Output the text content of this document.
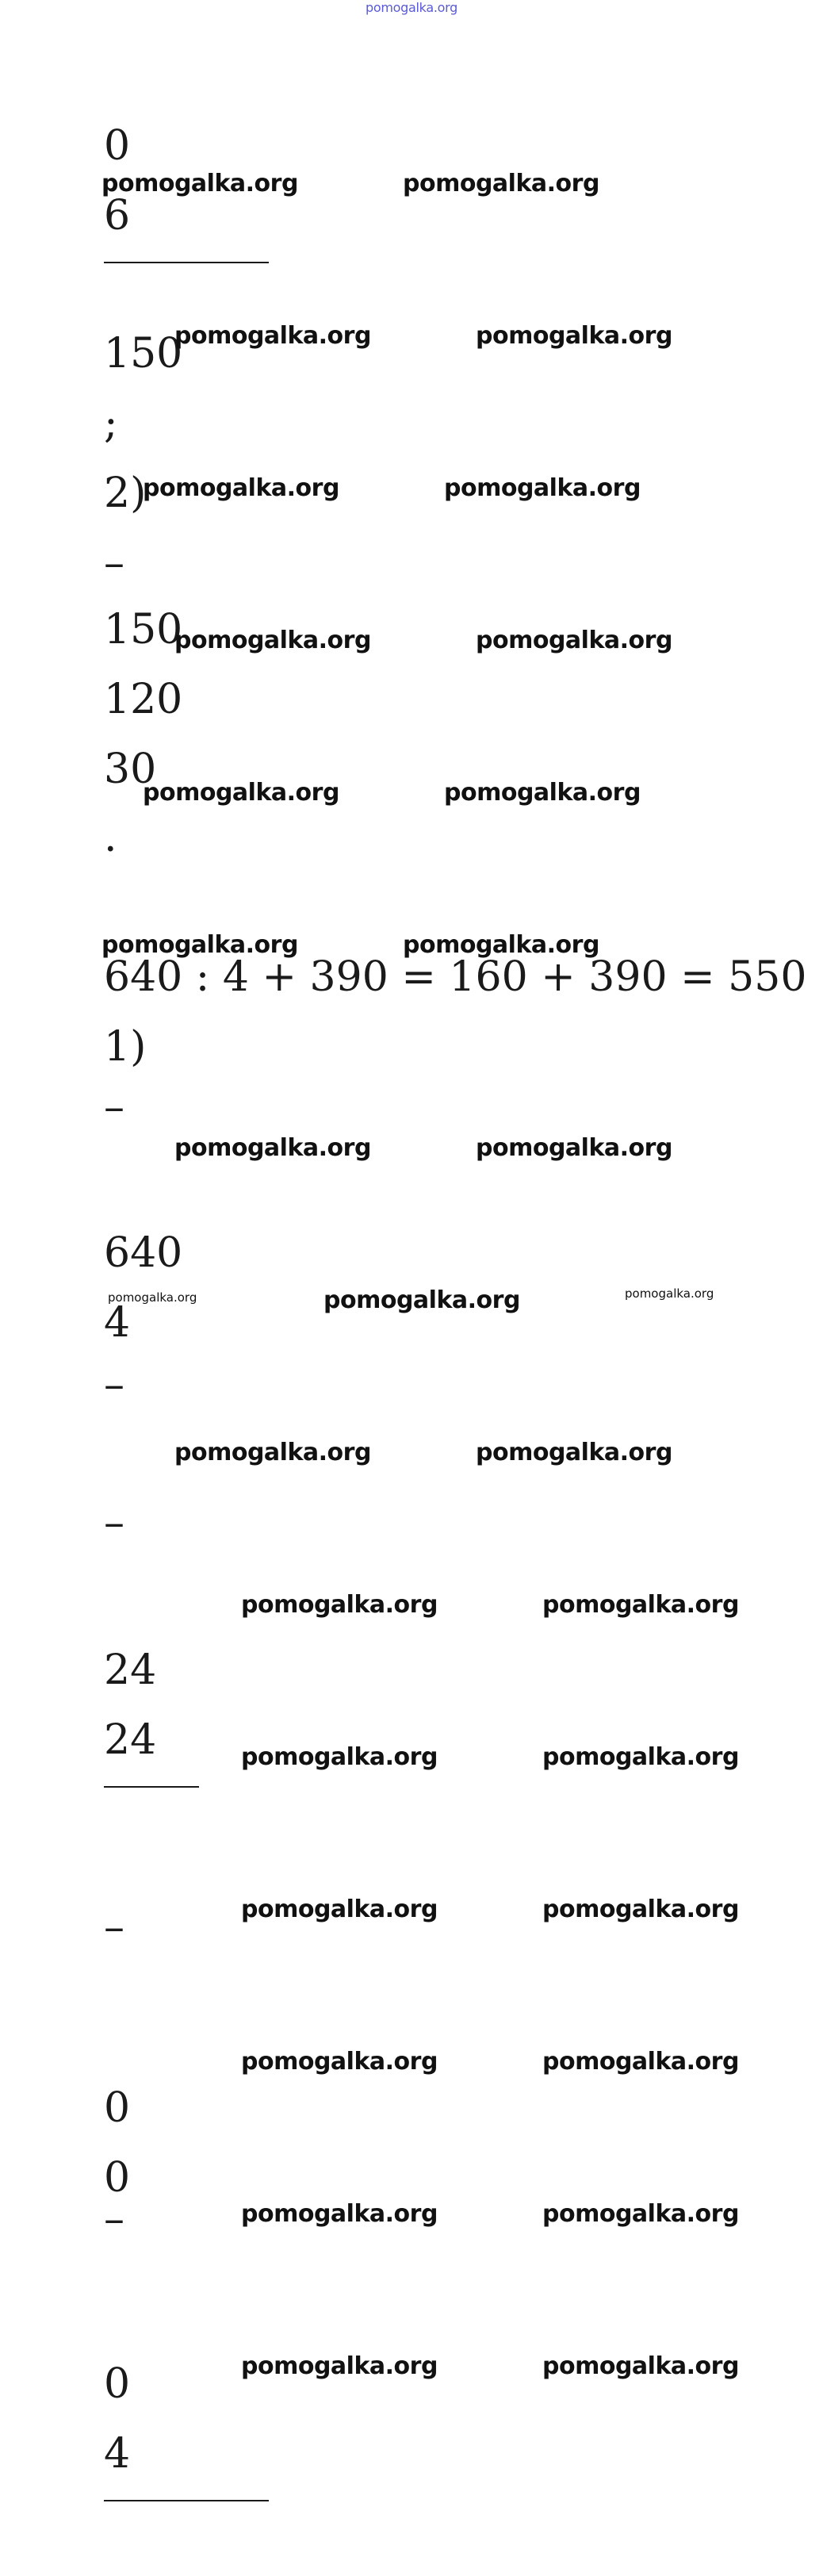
pomogalka.org
0
6
150
;
2)
–
150
120
30
.
640 : 4 + 390 = 160 + 390 = 550
1)
–
640
4
–
–
24
24
–
0
0
–
0
4
pomogalka.org	pomogalka.org
pomogalka.org	pomogalka.org
pomogalka.org	pomogalka.org
pomogalka.org	pomogalka.org
pomogalka.org	pomogalka.org
pomogalka.org	pomogalka.org
pomogalka.org	pomogalka.org
pomogalka.org	pomogalka.org	pomogalka.org
pomogalka.org	pomogalka.org
pomogalka.org	pomogalka.org
pomogalka.org	pomogalka.org
pomogalka.org	pomogalka.org
pomogalka.org	pomogalka.org
pomogalka.org	pomogalka.org
pomogalka.org	pomogalka.org
